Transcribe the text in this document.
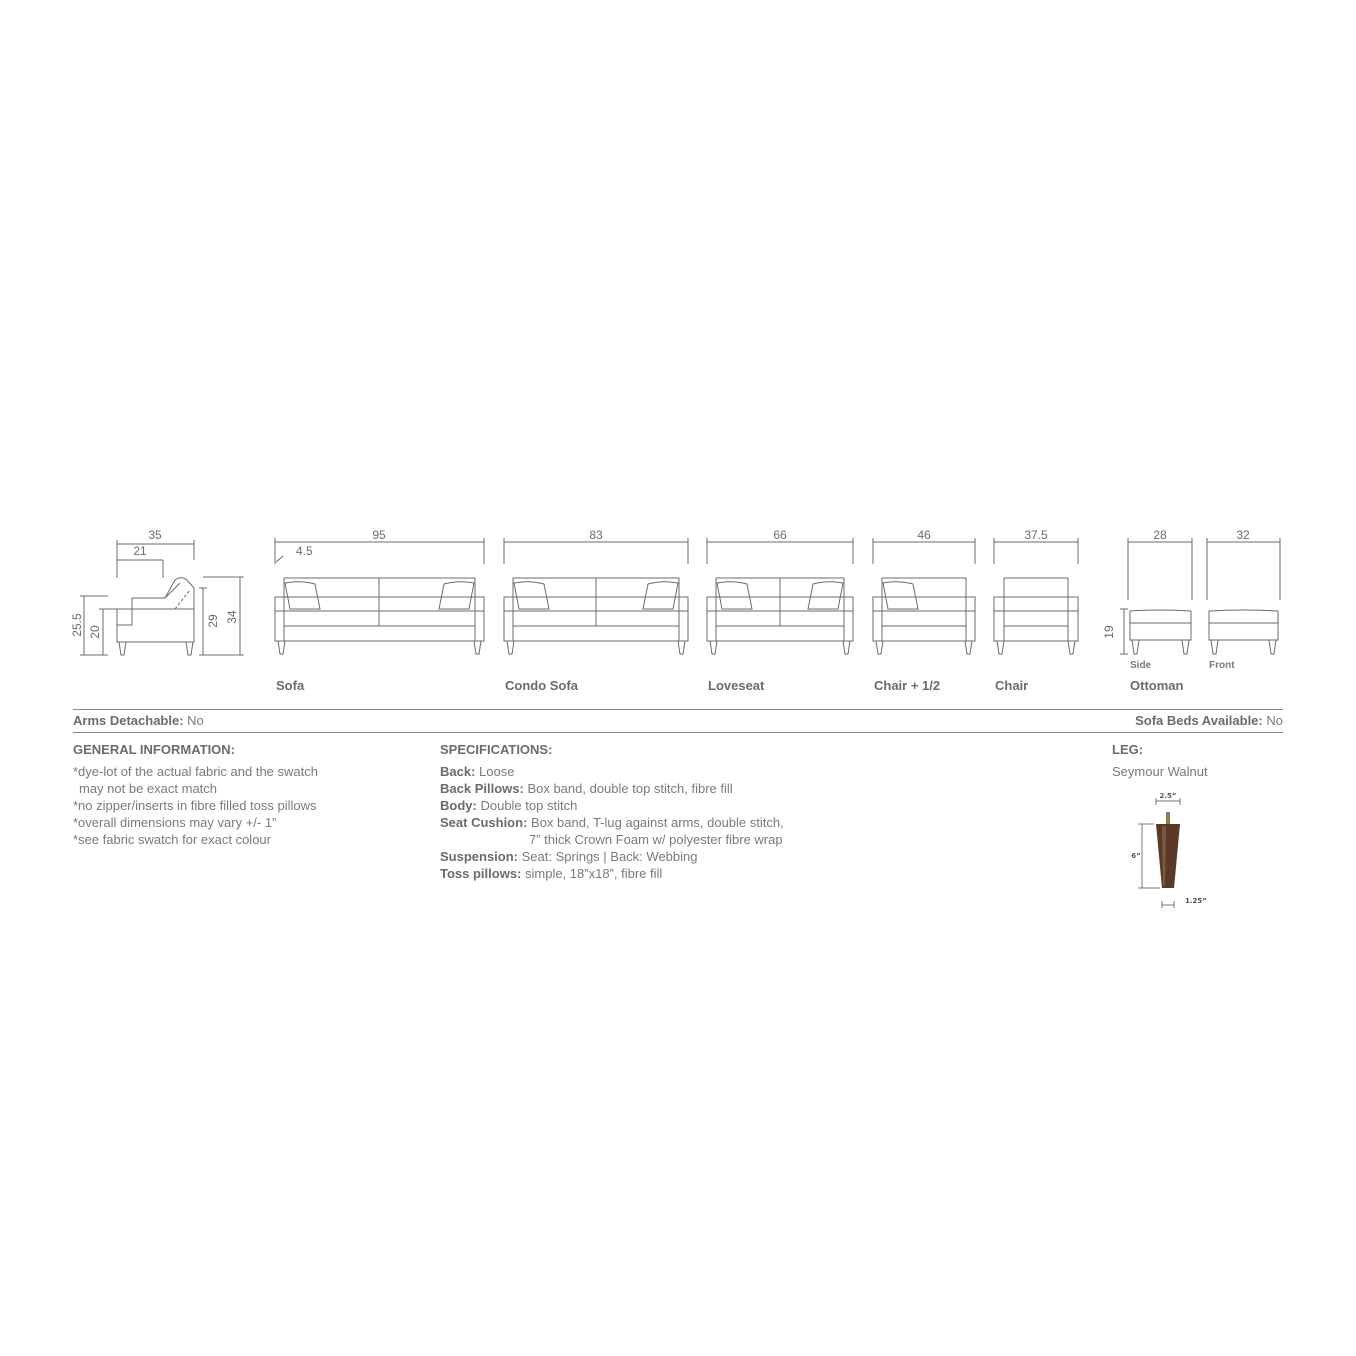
35
21
25.5 20
29 34
95
4.5
83	66	46	37.5	28	32
19
Side	Front
2.5”
6”
1.25”
Sofa	Condo Sofa	Loveseat	Chair + 1/2	Chair	Ottoman
Arms Detachable: No	Sofa Beds Available: No
GENERAL INFORMATION:
*dye-lot of the actual fabric and the swatch
may not be exact match
*no zipper/inserts in fibre filled toss pillows
*overall dimensions may vary +/- 1”
*see fabric swatch for exact colour
SPECIFICATIONS:
Back: Loose
Back Pillows: Box band, double top stitch, fibre fill
Body: Double top stitch
Seat Cushion: Box band, T-lug against arms, double stitch,
7” thick Crown Foam w/ polyester fibre wrap
Suspension: Seat: Springs | Back: Webbing
Toss pillows: simple, 18”x18”, fibre fill
LEG:
Seymour Walnut
